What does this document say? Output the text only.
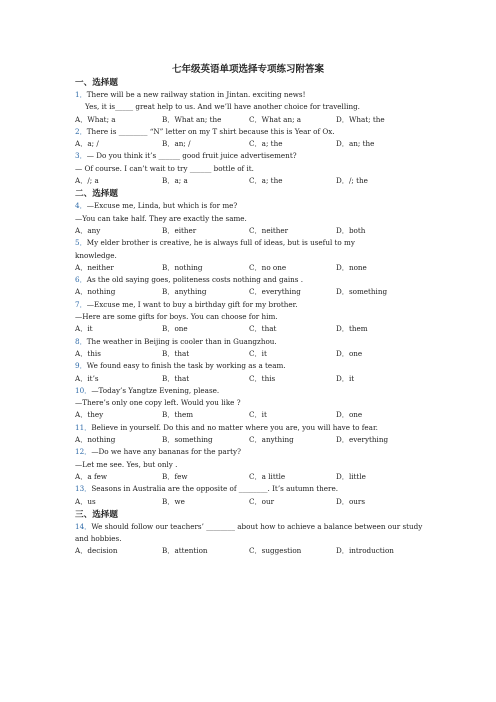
七年级英语单项选择专项练习附答案
一、选择题
1．There will be a new railway station in Jintan. exciting news!
Yes, it is_____ great help to us. And we’ll have another choice for travelling.
A．What; a	B．What an; the	C．What an; a	D．What; the
2．There is ________ “N” letter on my T shirt because this is Year of Ox.
A．a; /	B．an; /	C．a; the	D．an; the
3．— Do you think it’s ______ good fruit juice advertisement?
— Of course. I can’t wait to try ______ bottle of it.
A．/; a	B．a; a	C．a; the	D．/; the
二、选择题
4．—Excuse me, Linda, but which is for me?
—You can take half. They are exactly the same.
A．any	B．either	C．neither	D．both
5．My elder brother is creative, he is always full of ideas, but is useful to my
knowledge.
A．neither	B．nothing	C．no one	D．none
6．As the old saying goes, politeness costs nothing and gains .
A．nothing	B．anything	C．everything	D．something
7．—Excuse me, I want to buy a birthday gift for my brother.
—Here are some gifts for boys. You can choose for him.
A．it	B．one	C．that	D．them
8．The weather in Beijing is cooler than in Guangzhou.
A．this	B．that	C．it	D．one
9．We found easy to finish the task by working as a team.
A．it’s	B．that	C．this	D．it
10．—Today’s Yangtze Evening, please.
—There’s only one copy left. Would you like ?
A．they	B．them	C．it	D．one
11．Believe in yourself. Do this and no matter where you are, you will have to fear.
A．nothing	B．something	C．anything	D．everything
12．—Do we have any bananas for the party?
—Let me see. Yes, but only .
A．a few	B．few	C．a little	D．little
13．Seasons in Australia are the opposite of ________. It’s autumn there.
A．us	B．we	C．our	D．ours
三、选择题
14．We should follow our teachers’ ________ about how to achieve a balance between our study
and hobbies.
A．decision	B．attention	C．suggestion	D．introduction
